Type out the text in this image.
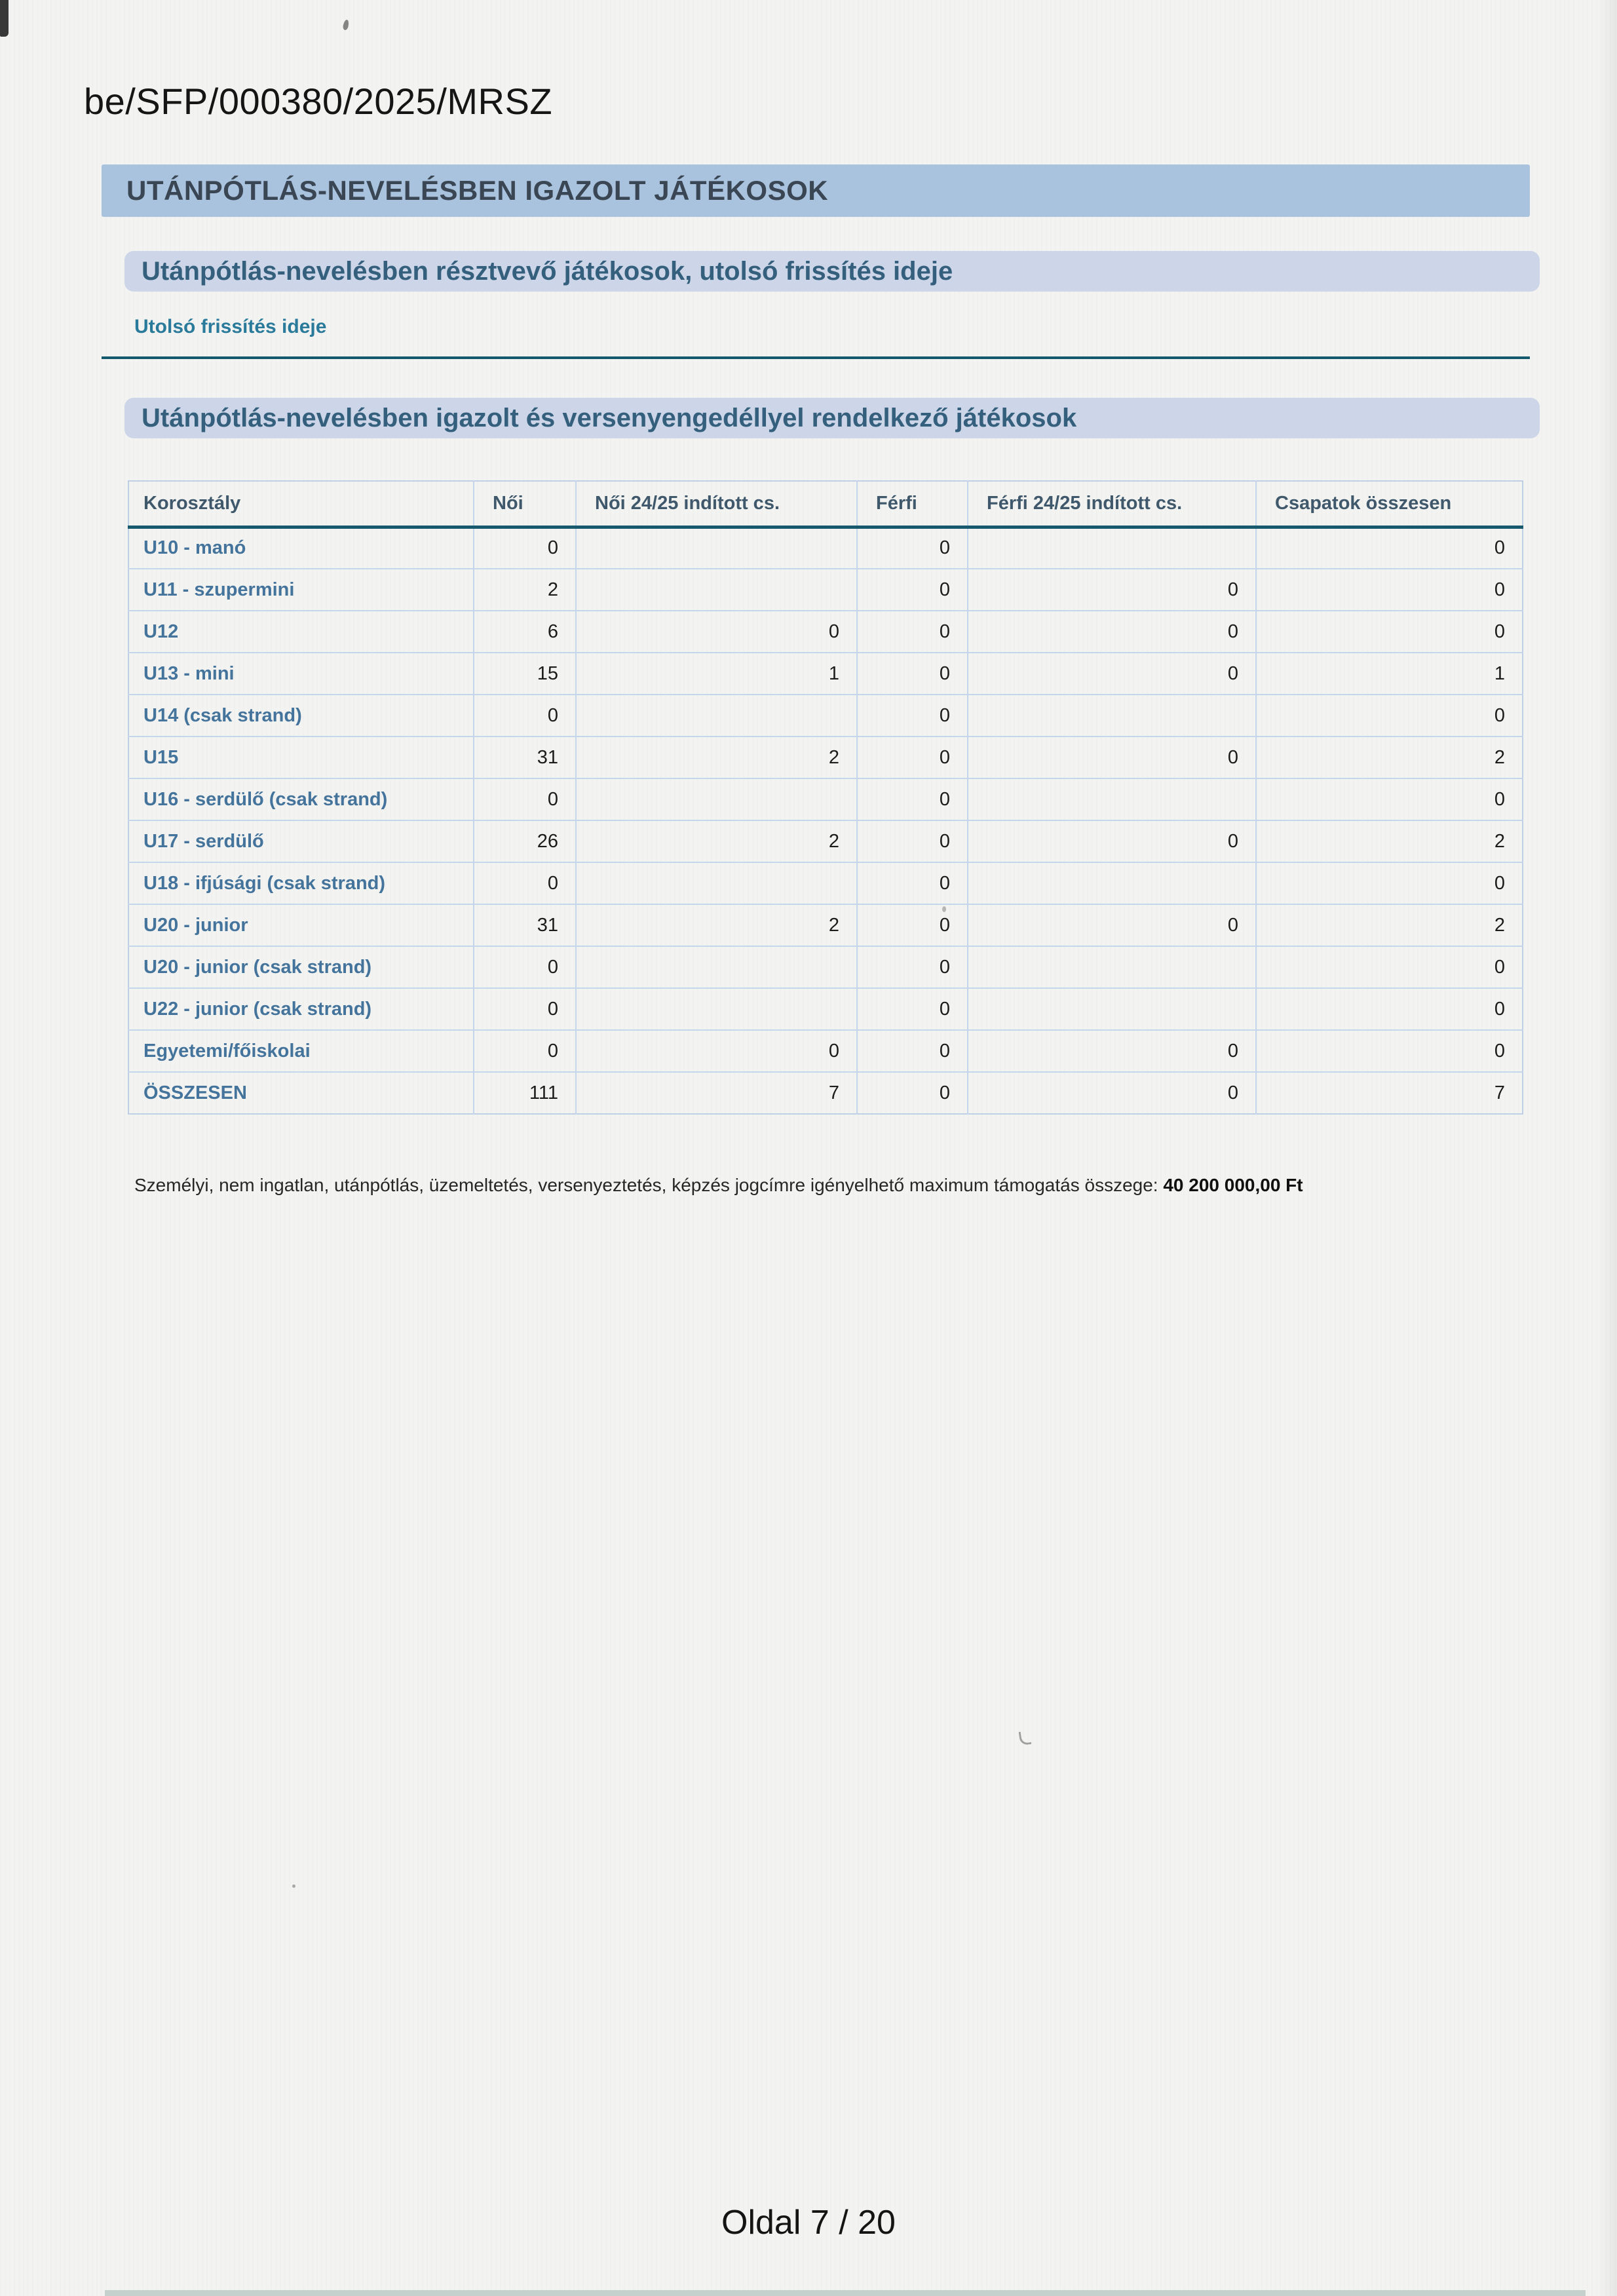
be/SFP/000380/2025/MRSZ
UTÁNPÓTLÁS-NEVELÉSBEN IGAZOLT JÁTÉKOSOK
Utánpótlás-nevelésben résztvevő játékosok, utolsó frissítés ideje
Utolsó frissítés ideje
Utánpótlás-nevelésben igazolt és versenyengedéllyel rendelkező játékosok
Korosztály	Női	Női 24/25 indított cs.	Férfi	Férfi 24/25 indított cs.	Csapatok összesen
U10 - manó	0		0		0
U11 - szupermini	2		0	0	0
U12	6	0	0	0	0
U13 - mini	15	1	0	0	1
U14 (csak strand)	0		0		0
U15	31	2	0	0	2
U16 - serdülő (csak strand)	0		0		0
U17 - serdülő	26	2	0	0	2
U18 - ifjúsági (csak strand)	0		0		0
U20 - junior	31	2	0	0	2
U20 - junior (csak strand)	0		0		0
U22 - junior (csak strand)	0		0		0
Egyetemi/főiskolai	0	0	0	0	0
ÖSSZESEN	111	7	0	0	7
Személyi, nem ingatlan, utánpótlás, üzemeltetés, versenyeztetés, képzés jogcímre igényelhető maximum támogatás összege: 40 200 000,00 Ft
Oldal 7 / 20
